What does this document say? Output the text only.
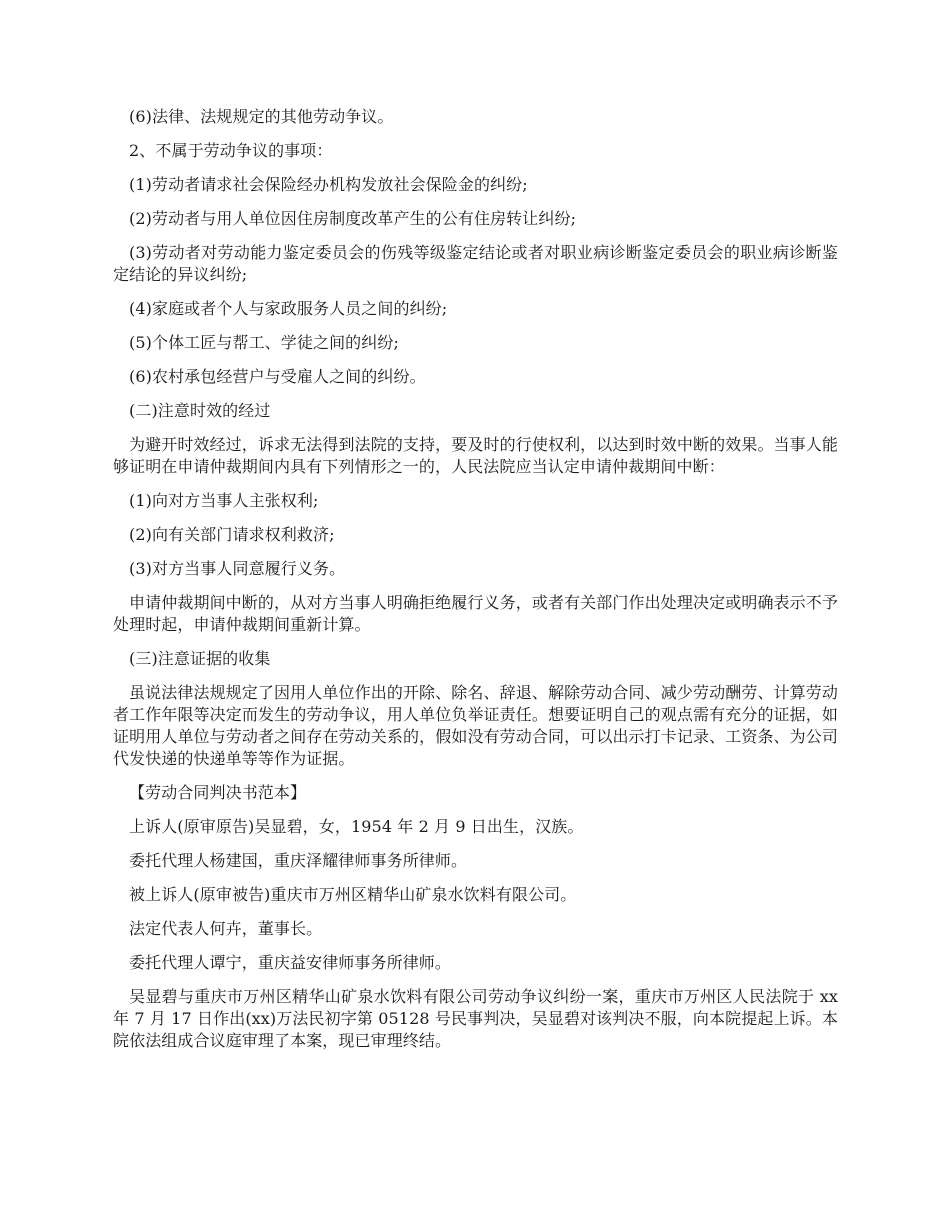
(6)法律、法规规定的其他劳动争议。

2、不属于劳动争议的事项：

(1)劳动者请求社会保险经办机构发放社会保险金的纠纷;

(2)劳动者与用人单位因住房制度改革产生的公有住房转让纠纷;

(3)劳动者对劳动能力鉴定委员会的伤残等级鉴定结论或者对职业病诊断鉴定委员会的职业病诊断鉴定结论的异议纠纷;

(4)家庭或者个人与家政服务人员之间的纠纷;

(5)个体工匠与帮工、学徒之间的纠纷;

(6)农村承包经营户与受雇人之间的纠纷。

(二)注意时效的经过

为避开时效经过，诉求无法得到法院的支持，要及时的行使权利，以达到时效中断的效果。当事人能够证明在申请仲裁期间内具有下列情形之一的，人民法院应当认定申请仲裁期间中断：

(1)向对方当事人主张权利;

(2)向有关部门请求权利救济;

(3)对方当事人同意履行义务。

申请仲裁期间中断的，从对方当事人明确拒绝履行义务，或者有关部门作出处理决定或明确表示不予处理时起，申请仲裁期间重新计算。

(三)注意证据的收集

虽说法律法规规定了因用人单位作出的开除、除名、辞退、解除劳动合同、减少劳动酬劳、计算劳动者工作年限等决定而发生的劳动争议，用人单位负举证责任。想要证明自己的观点需有充分的证据，如证明用人单位与劳动者之间存在劳动关系的，假如没有劳动合同，可以出示打卡记录、工资条、为公司代发快递的快递单等等作为证据。

【劳动合同判决书范本】

上诉人(原审原告)吴显碧，女，1954 年 2 月 9 日出生，汉族。

委托代理人杨建国，重庆泽耀律师事务所律师。

被上诉人(原审被告)重庆市万州区精华山矿泉水饮料有限公司。

法定代表人何卉，董事长。

委托代理人谭宁，重庆益安律师事务所律师。

吴显碧与重庆市万州区精华山矿泉水饮料有限公司劳动争议纠纷一案，重庆市万州区人民法院于 xx 年 7 月 17 日作出(xx)万法民初字第 05128 号民事判决，吴显碧对该判决不服，向本院提起上诉。本院依法组成合议庭审理了本案，现已审理终结。
